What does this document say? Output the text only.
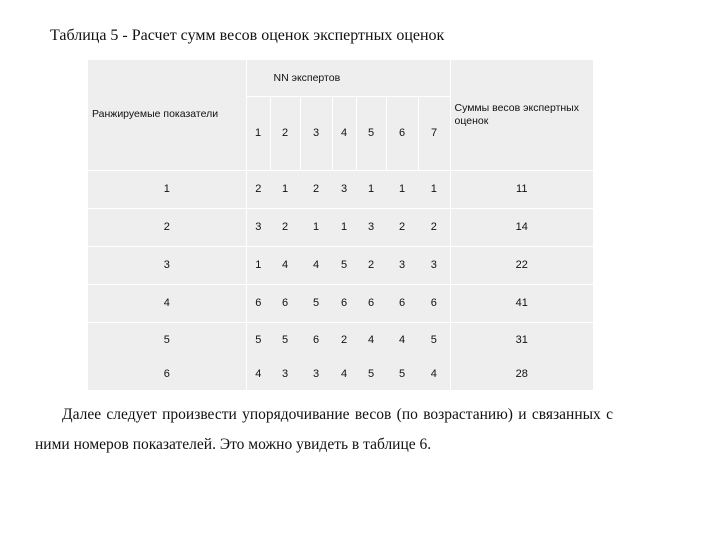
Таблица 5 - Расчет сумм весов оценок экспертных оценок
Ранжируемые показатели	NN экспертов							Суммы весов экспертных оценок
	1	2	3	4	5	6	7	
1	2	1	2	3	1	1	1	11
2	3	2	1	1	3	2	2	14
3	1	4	4	5	2	3	3	22
4	6	6	5	6	6	6	6	41
5	5	5	6	2	4	4	5	31
6	4	3	3	4	5	5	4	28

Далее следует произвести упорядочивание весов (по возрастанию) и связанных с ними номеров показателей. Это можно увидеть в таблице 6.
